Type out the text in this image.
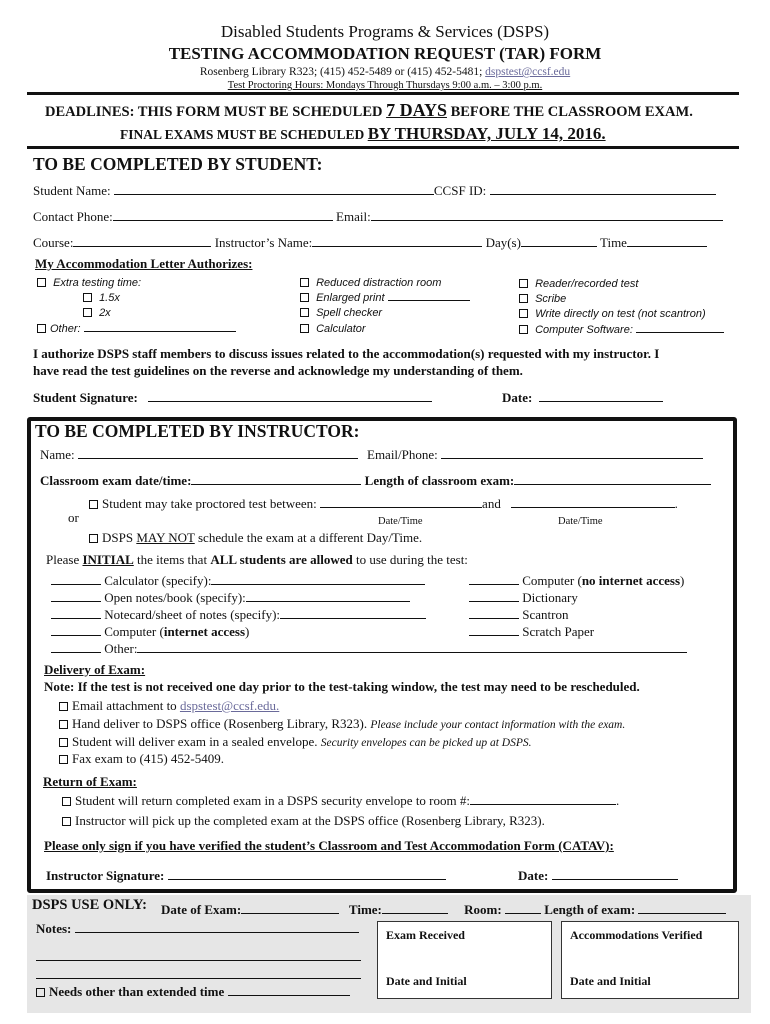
Disabled Students Programs & Services (DSPS)
TESTING ACCOMMODATION REQUEST (TAR) FORM
Rosenberg Library R323; (415) 452-5489 or (415) 452-5481; dspstest@ccsf.edu
Test Proctoring Hours: Mondays Through Thursdays 9:00 a.m. – 3:00 p.m.
DEADLINES: THIS FORM MUST BE SCHEDULED 7 DAYS BEFORE THE CLASSROOM EXAM.
FINAL EXAMS MUST BE SCHEDULED BY THURSDAY, JULY 14, 2016.
TO BE COMPLETED BY STUDENT:
Student Name:	CCSF ID:
Contact Phone:	Email:
Course:	Instructor’s Name:	Day(s)	Time
My Accommodation Letter Authorizes:
Extra testing time:
1.5x
2x
Other:
Reduced distraction room
Enlarged print
Spell checker
Calculator
Reader/recorded test
Scribe
Write directly on test (not scantron)
Computer Software:
I authorize DSPS staff members to discuss issues related to the accommodation(s) requested with my instructor. I
have read the test guidelines on the reverse and acknowledge my understanding of them.
Student Signature:	Date:
TO BE COMPLETED BY INSTRUCTOR:
Name:	Email/Phone:
Classroom exam date/time:	Length of classroom exam:
Student may take proctored test between:	and	.
or	Date/Time	Date/Time
DSPS MAY NOT schedule the exam at a different Day/Time.
Please INITIAL the items that ALL students are allowed to use during the test:
Calculator (specify):
Open notes/book (specify):
Notecard/sheet of notes (specify):
Computer (internet access)
Other:
Computer (no internet access)
Dictionary
Scantron
Scratch Paper
Delivery of Exam:
Note: If the test is not received one day prior to the test-taking window, the test may need to be rescheduled.
Email attachment to dspstest@ccsf.edu.
Hand deliver to DSPS office (Rosenberg Library, R323). Please include your contact information with the exam.
Student will deliver exam in a sealed envelope. Security envelopes can be picked up at DSPS.
Fax exam to (415) 452-5409.
Return of Exam:
Student will return completed exam in a DSPS security envelope to room #:	.
Instructor will pick up the completed exam at the DSPS office (Rosenberg Library, R323).
Please only sign if you have verified the student’s Classroom and Test Accommodation Form (CATAV):
Instructor Signature:	Date:
DSPS USE ONLY: Date of Exam:	Time:	Room:	Length of exam:
Notes:	Exam Received
Date and Initial
Accommodations Verified
Date and Initial
Needs other than extended time
